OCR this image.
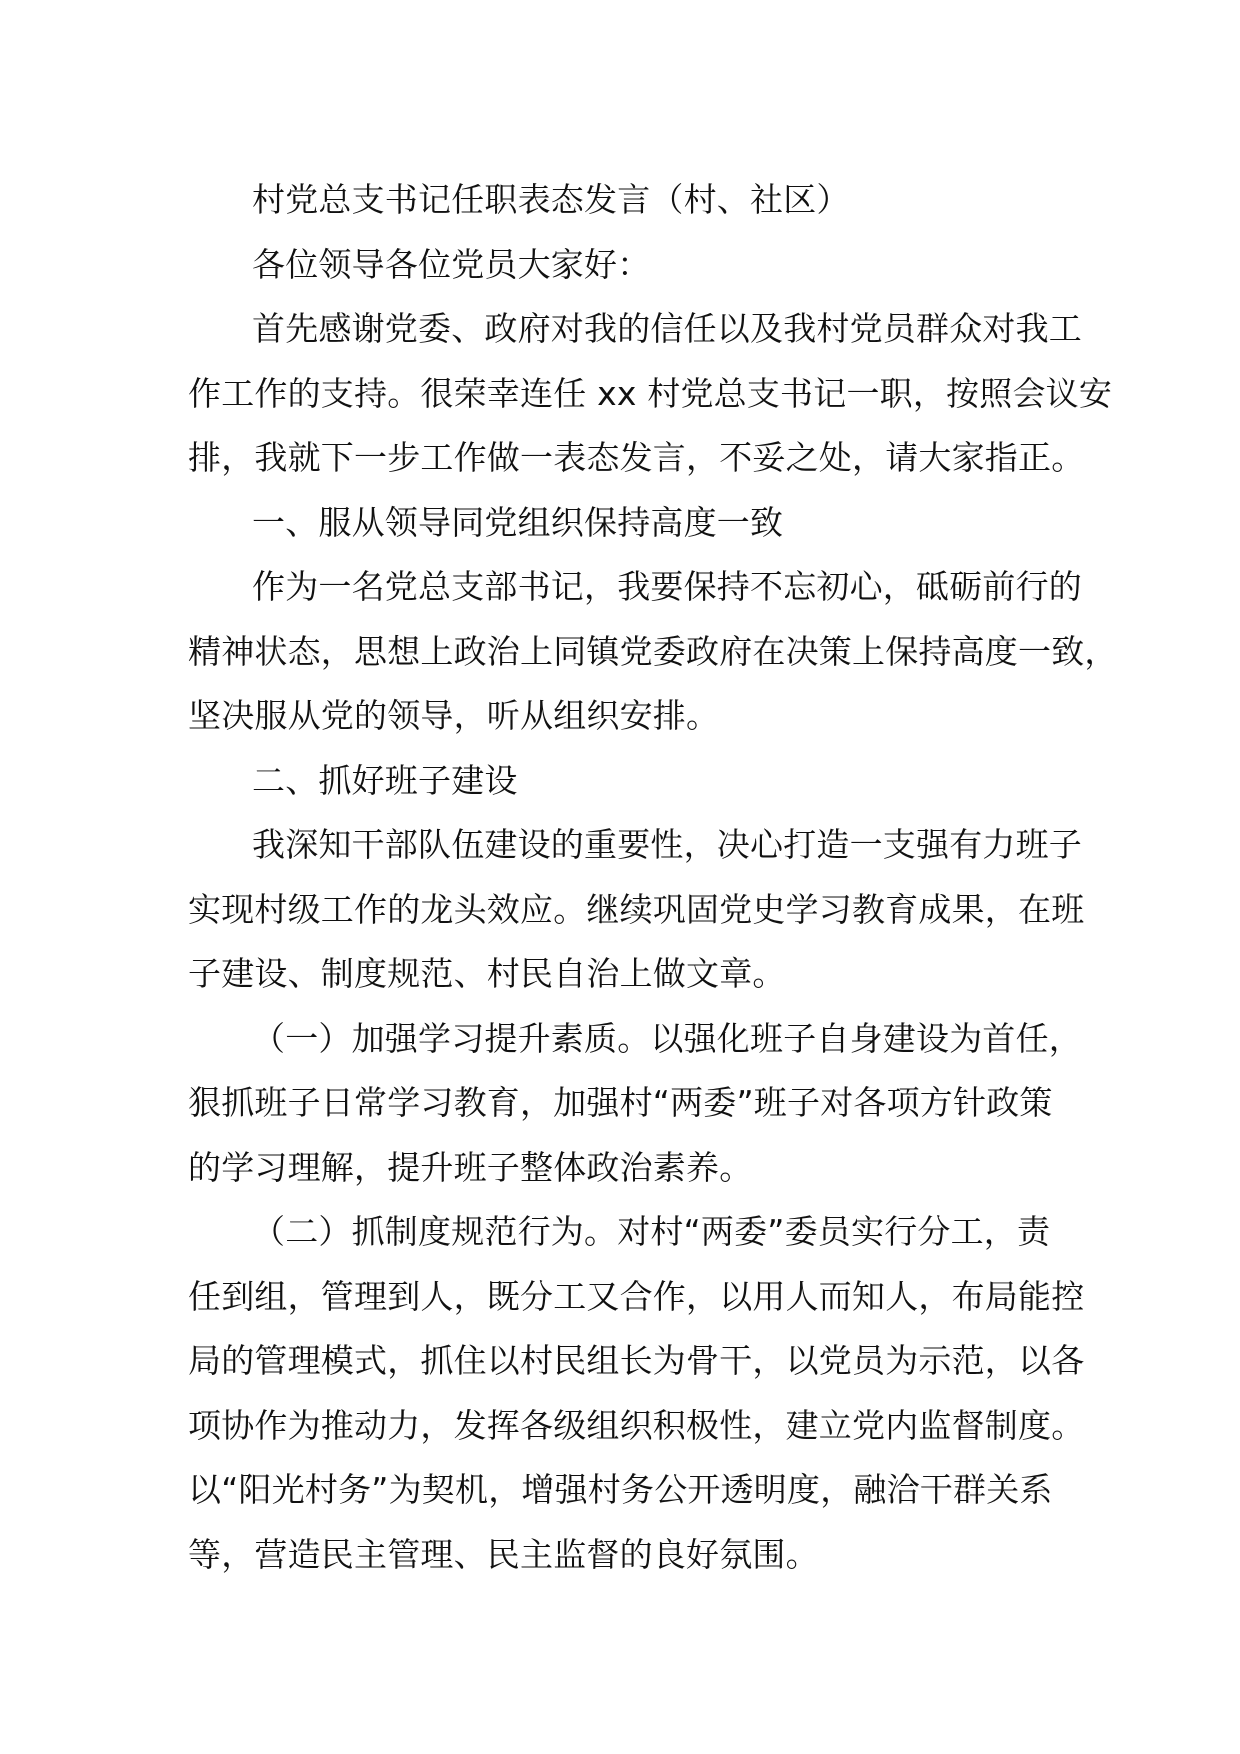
村党总支书记任职表态发言（村、社区）
各位领导各位党员大家好：
首先感谢党委、政府对我的信任以及我村党员群众对我工
作工作的支持。很荣幸连任 xx 村党总支书记一职，按照会议安
排，我就下一步工作做一表态发言，不妥之处，请大家指正。
一、服从领导同党组织保持高度一致
作为一名党总支部书记，我要保持不忘初心，砥砺前行的
精神状态，思想上政治上同镇党委政府在决策上保持高度一致，
坚决服从党的领导，听从组织安排。
二、抓好班子建设
我深知干部队伍建设的重要性，决心打造一支强有力班子
实现村级工作的龙头效应。继续巩固党史学习教育成果，在班
子建设、制度规范、村民自治上做文章。
（一）加强学习提升素质。以强化班子自身建设为首任，
狠抓班子日常学习教育，加强村“两委”班子对各项方针政策
的学习理解，提升班子整体政治素养。
（二）抓制度规范行为。对村“两委”委员实行分工，责
任到组，管理到人，既分工又合作，以用人而知人，布局能控
局的管理模式，抓住以村民组长为骨干，以党员为示范，以各
项协作为推动力，发挥各级组织积极性，建立党内监督制度。
以“阳光村务”为契机，增强村务公开透明度，融洽干群关系
等，营造民主管理、民主监督的良好氛围。
